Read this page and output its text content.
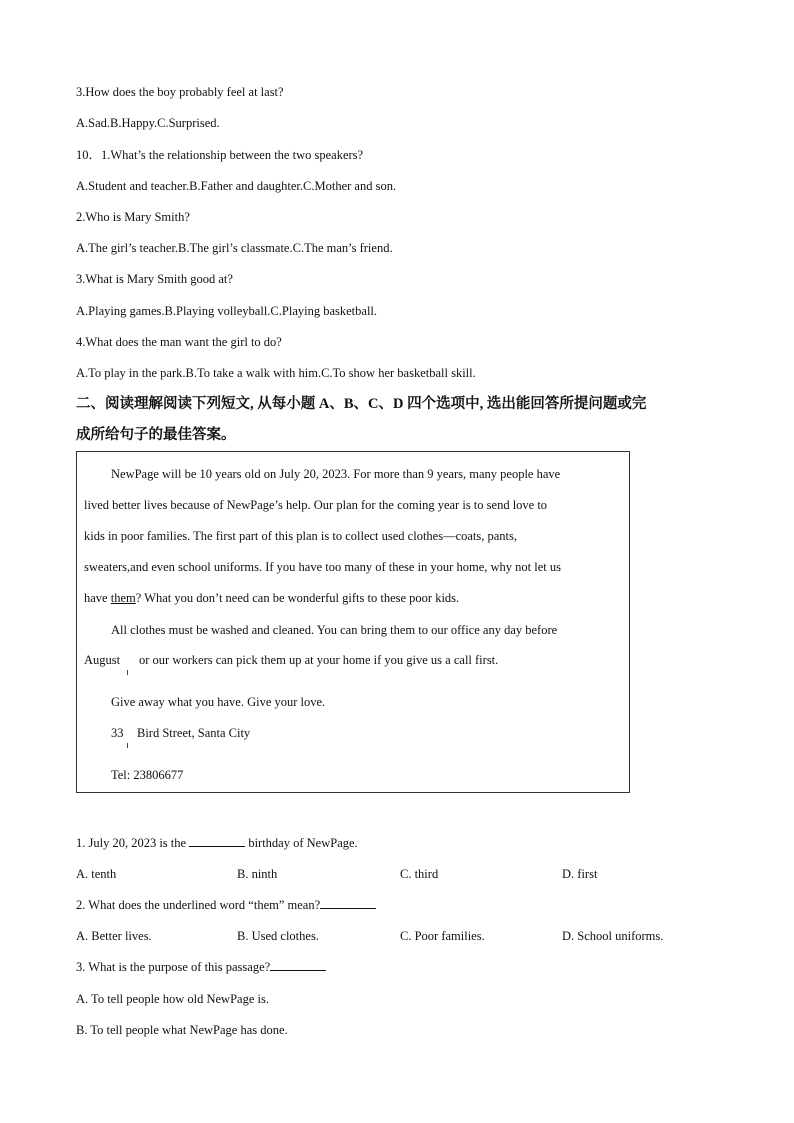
3.How does the boy probably feel at last?
A.Sad.B.Happy.C.Surprised.
10．1.What’s the relationship between the two speakers?
A.Student and teacher.B.Father and daughter.C.Mother and son.
2.Who is Mary Smith?
A.The girl’s teacher.B.The girl’s classmate.C.The man’s friend.
3.What is Mary Smith good at?
A.Playing games.B.Playing volleyball.C.Playing basketball.
4.What does the man want the girl to do?
A.To play in the park.B.To take a walk with him.C.To show her basketball skill.
二、阅读理解阅读下列短文, 从每小题 A、B、C、D 四个选项中, 选出能回答所提问题或完
成所给句子的最佳答案。
NewPage will be 10 years old on July 20, 2023. For more than 9 years, many people have
lived better lives because of NewPage’s help. Our plan for the coming year is to send love to
kids in poor families. The first part of this plan is to collect used clothes—coats, pants,
sweaters,and even school uniforms. If you have too many of these in your home, why not let us
have them? What you don’t need can be wonderful gifts to these poor kids.
All clothes must be washed and cleaned. You can bring them to our office any day before
August or our workers can pick them up at your home if you give us a call first.
Give away what you have. Give your love.
33 Bird Street, Santa City
Tel: 23806677
1. July 20, 2023 is the	birthday of NewPage.
A. tenth	B. ninth	C. third	D. first
2. What does the underlined word “them” mean?
A. Better lives.	B. Used clothes.	C. Poor families.	D. School uniforms.
3. What is the purpose of this passage?
A. To tell people how old NewPage is.
B. To tell people what NewPage has done.
